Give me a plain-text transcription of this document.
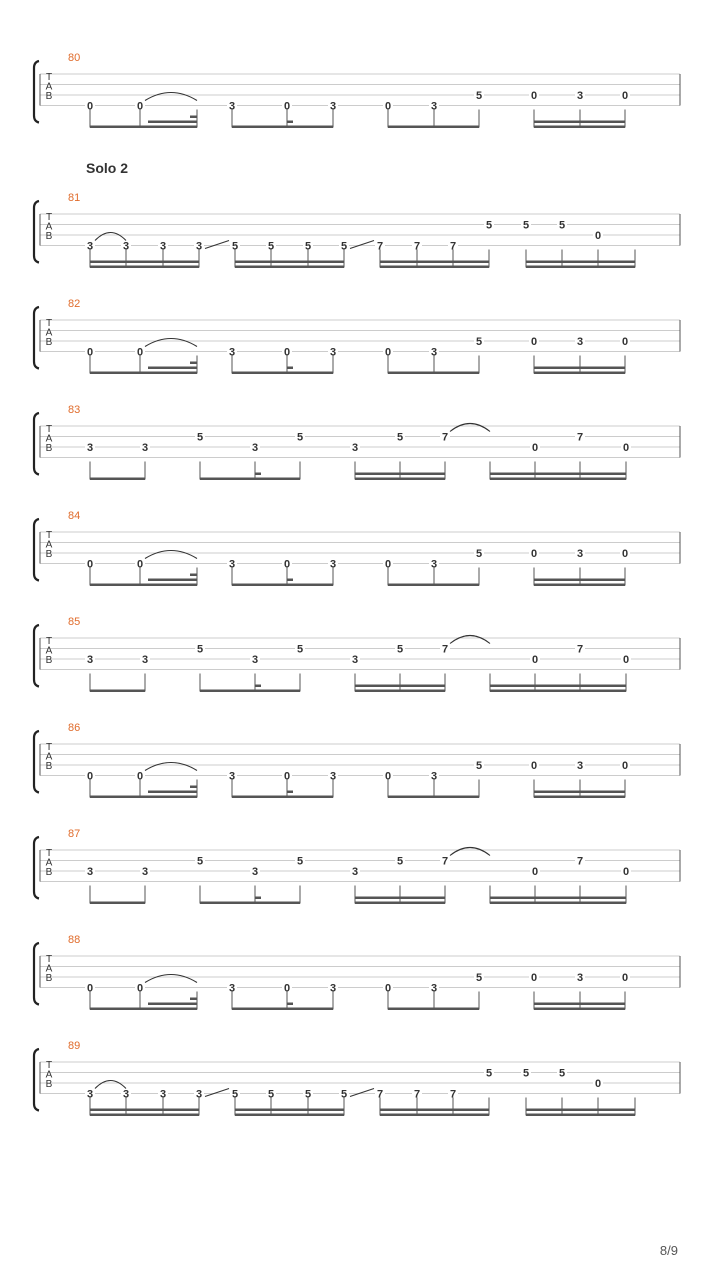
80
T
A
B
0	0	3	0	3	0	3
5	0	3	0
81
T
A
B
3	3	3	3	5	5	5	5	7	7	7
5	5	5
0
82
T
A
B
0	0	3	0	3	0	3
5	0	3	0
83
T
A
B	3	3
5
3
5
3
5	7
0
7
0
84
T
A
B
0	0	3	0	3	0	3
5	0	3	0
85
T
A
B	3	3
5
3
5
3
5	7
0
7
0
86
T
A
B
0	0	3	0	3	0	3
5	0	3	0
87
T
A
B	3	3
5
3
5
3
5	7
0
7
0
88
T
A
B
0	0	3	0	3	0	3
5	0	3	0
89
T
A
B
3	3	3	3	5	5	5	5	7	7	7
5	5	5
0
Solo 2
8/9
